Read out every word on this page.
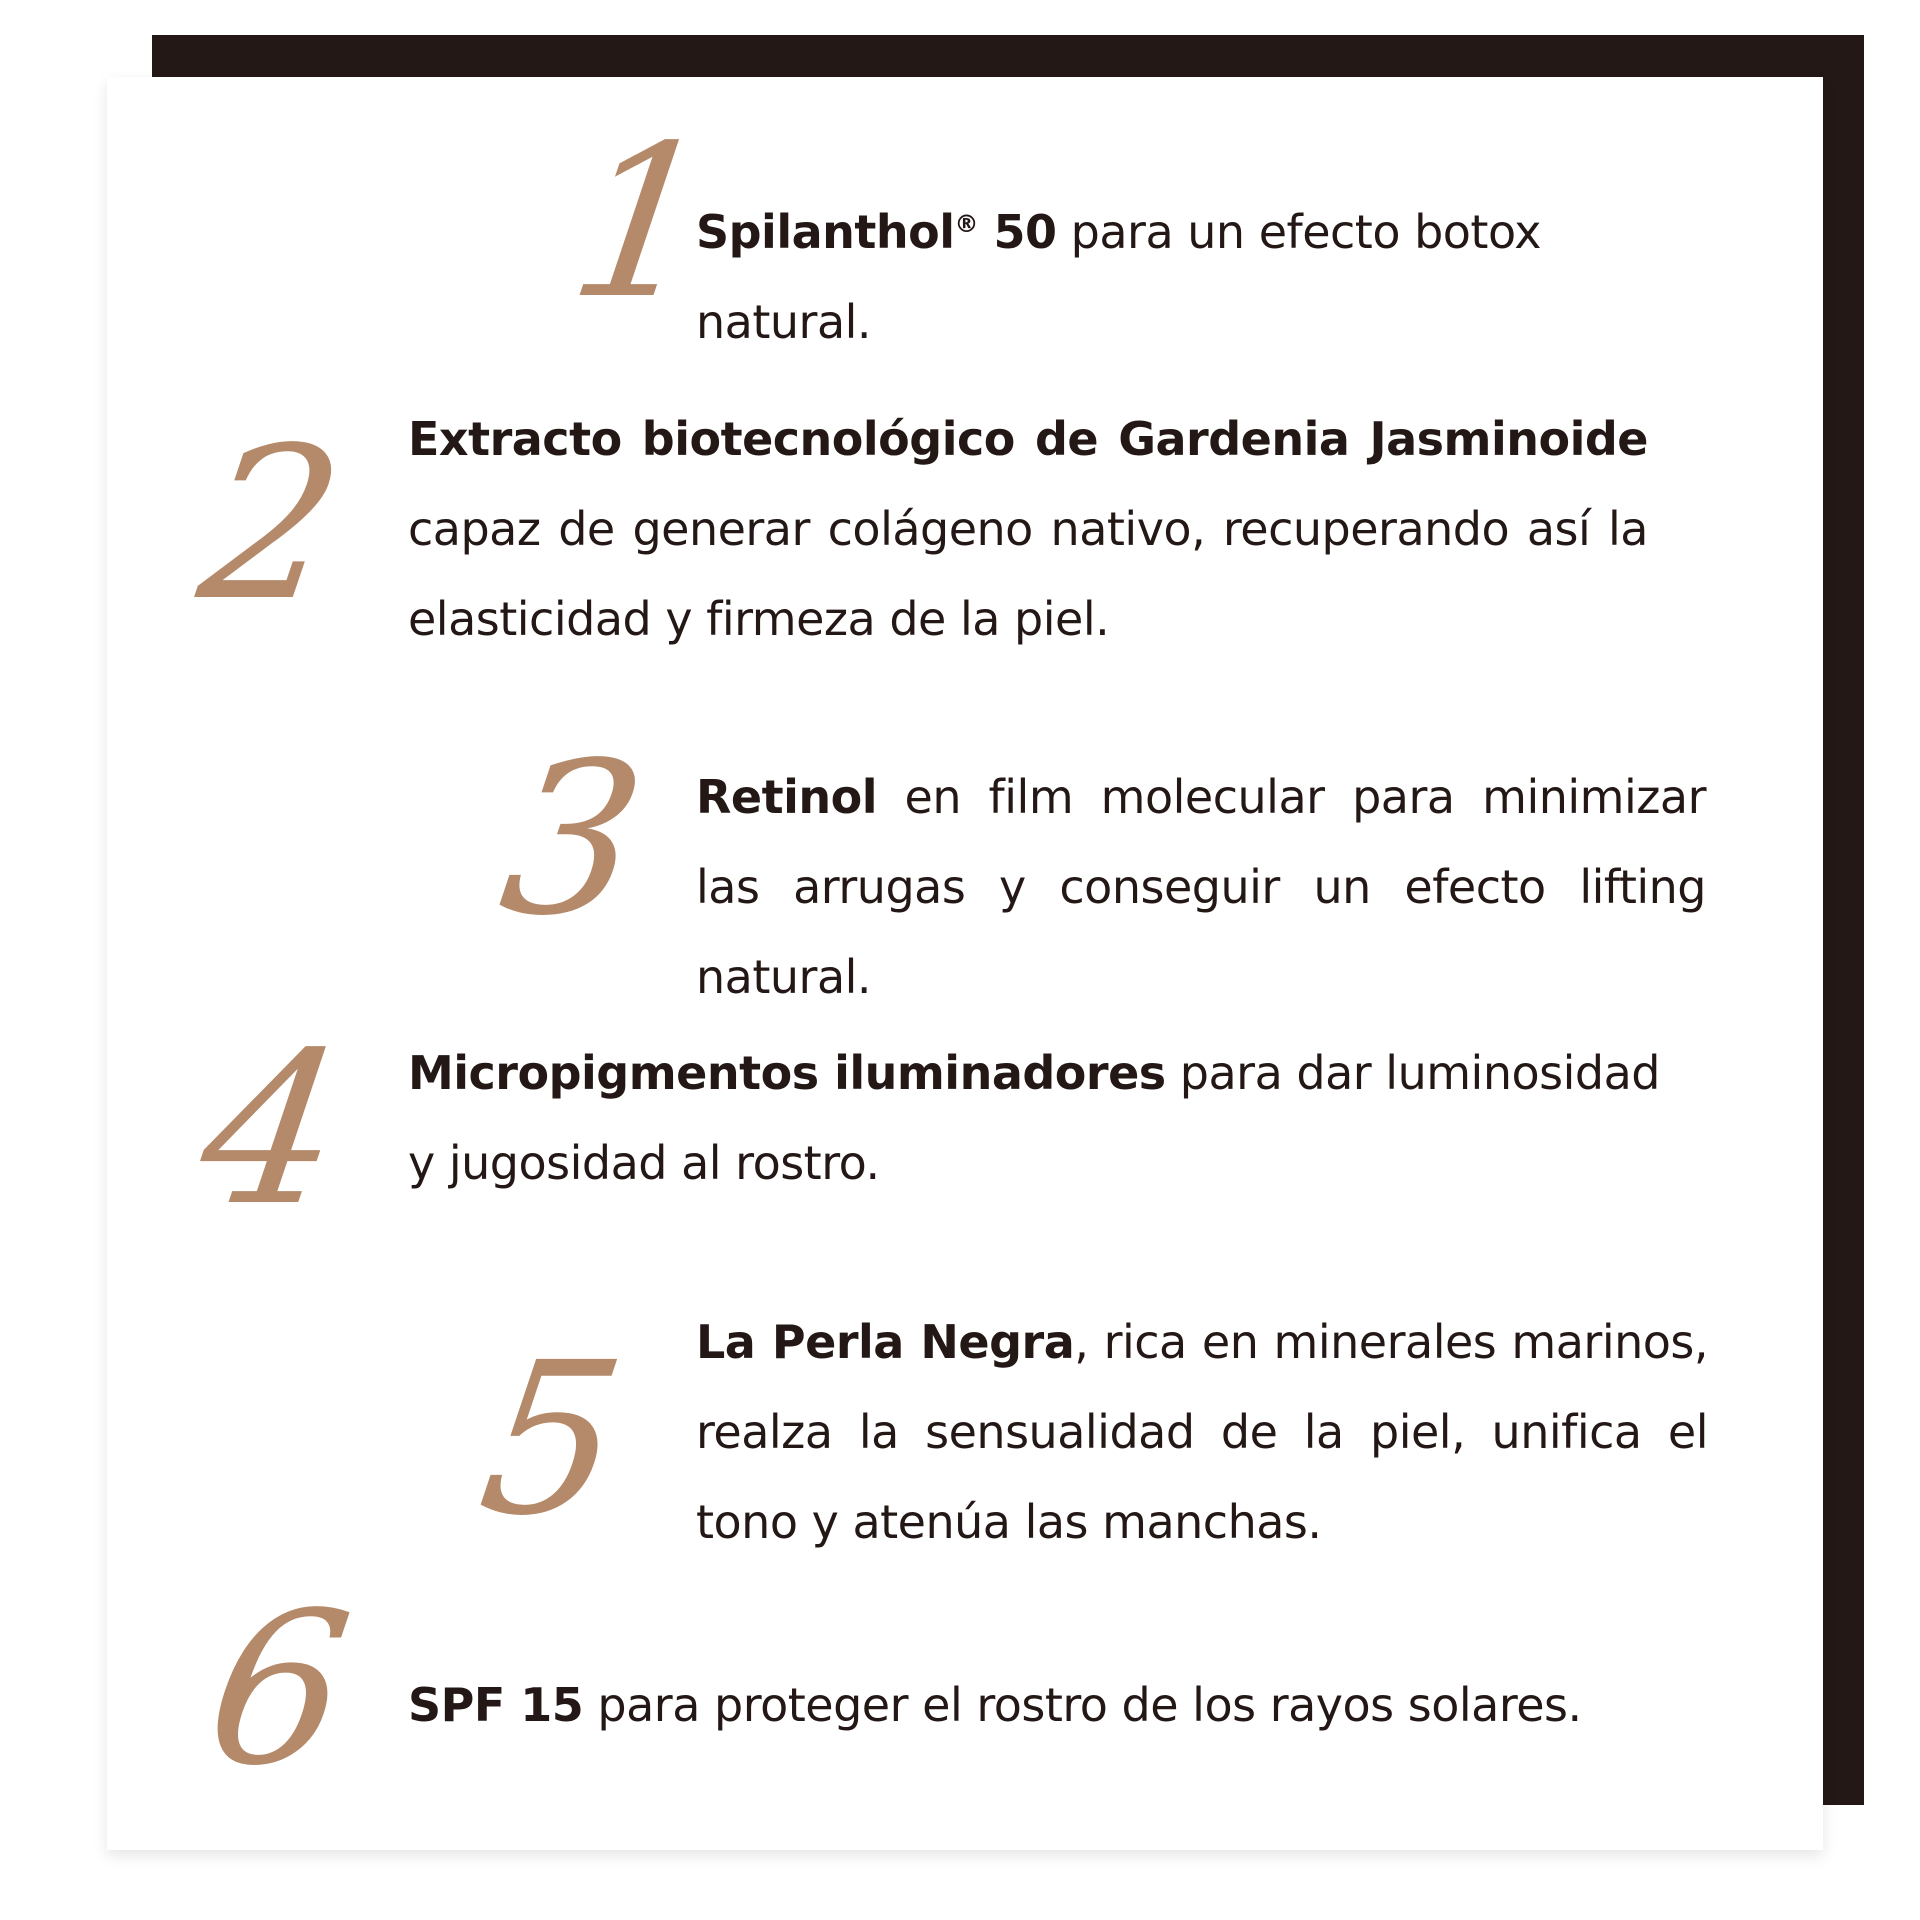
1
Spilanthol® 50 para un efecto botox natural.
2 Extracto biotecnológico de Gardenia Jasminoide capaz de generar colágeno nativo, recuperando así la elasticidad y firmeza de la piel.
3 Retinol en film molecular para minimizar las arrugas y conseguir un efecto lifting natural.
4 Micropigmentos iluminadores para dar luminosidad
y jugosidad al rostro.
5 La Perla Negra, rica en minerales marinos, realza la sensualidad de la piel, unifica el tono y atenúa las manchas.
6 SPF 15 para proteger el rostro de los rayos solares.
